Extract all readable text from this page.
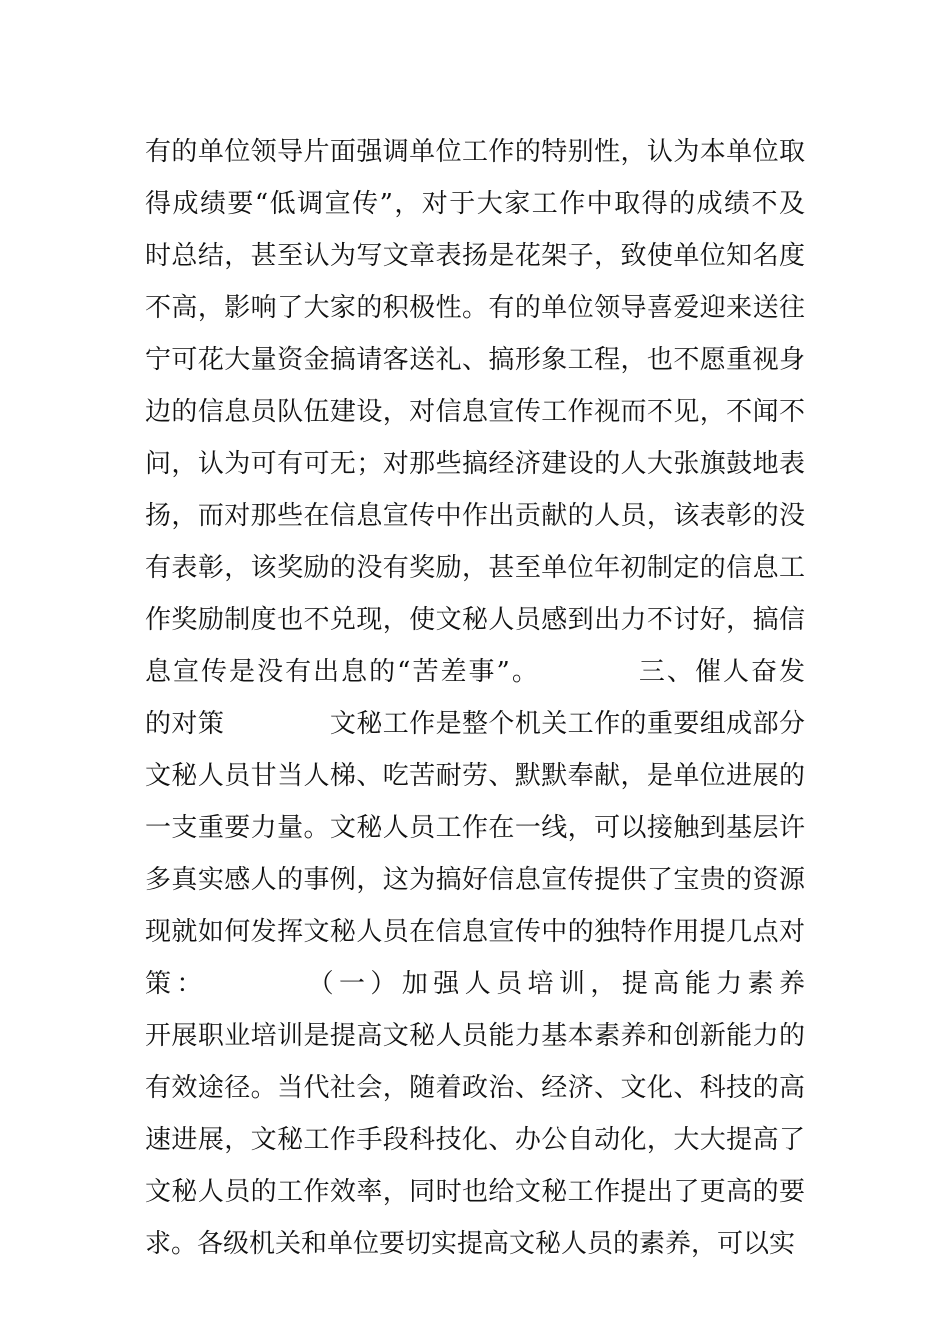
有的单位领导片面强调单位工作的特别性，认为本单位取
得成绩要“低调宣传”，对于大家工作中取得的成绩不及
时总结，甚至认为写文章表扬是花架子，致使单位知名度
不高，影响了大家的积极性。有的单位领导喜爱迎来送往
宁可花大量资金搞请客送礼、搞形象工程，也不愿重视身
边的信息员队伍建设，对信息宣传工作视而不见，不闻不
问，认为可有可无；对那些搞经济建设的人大张旗鼓地表
扬，而对那些在信息宣传中作出贡献的人员，该表彰的没
有表彰，该奖励的没有奖励，甚至单位年初制定的信息工
作奖励制度也不兑现，使文秘人员感到出力不讨好，搞信
息宣传是没有出息的“苦差事”。　　　　三、催人奋发
的对策　　　　文秘工作是整个机关工作的重要组成部分
文秘人员甘当人梯、吃苦耐劳、默默奉献，是单位进展的
一支重要力量。文秘人员工作在一线，可以接触到基层许
多真实感人的事例，这为搞好信息宣传提供了宝贵的资源
现就如何发挥文秘人员在信息宣传中的独特作用提几点对
策：　　　　（一）加强人员培训，提高能力素养
开展职业培训是提高文秘人员能力基本素养和创新能力的
有效途径。当代社会，随着政治、经济、文化、科技的高
速进展，文秘工作手段科技化、办公自动化，大大提高了
文秘人员的工作效率，同时也给文秘工作提出了更高的要
求。各级机关和单位要切实提高文秘人员的素养，可以实
